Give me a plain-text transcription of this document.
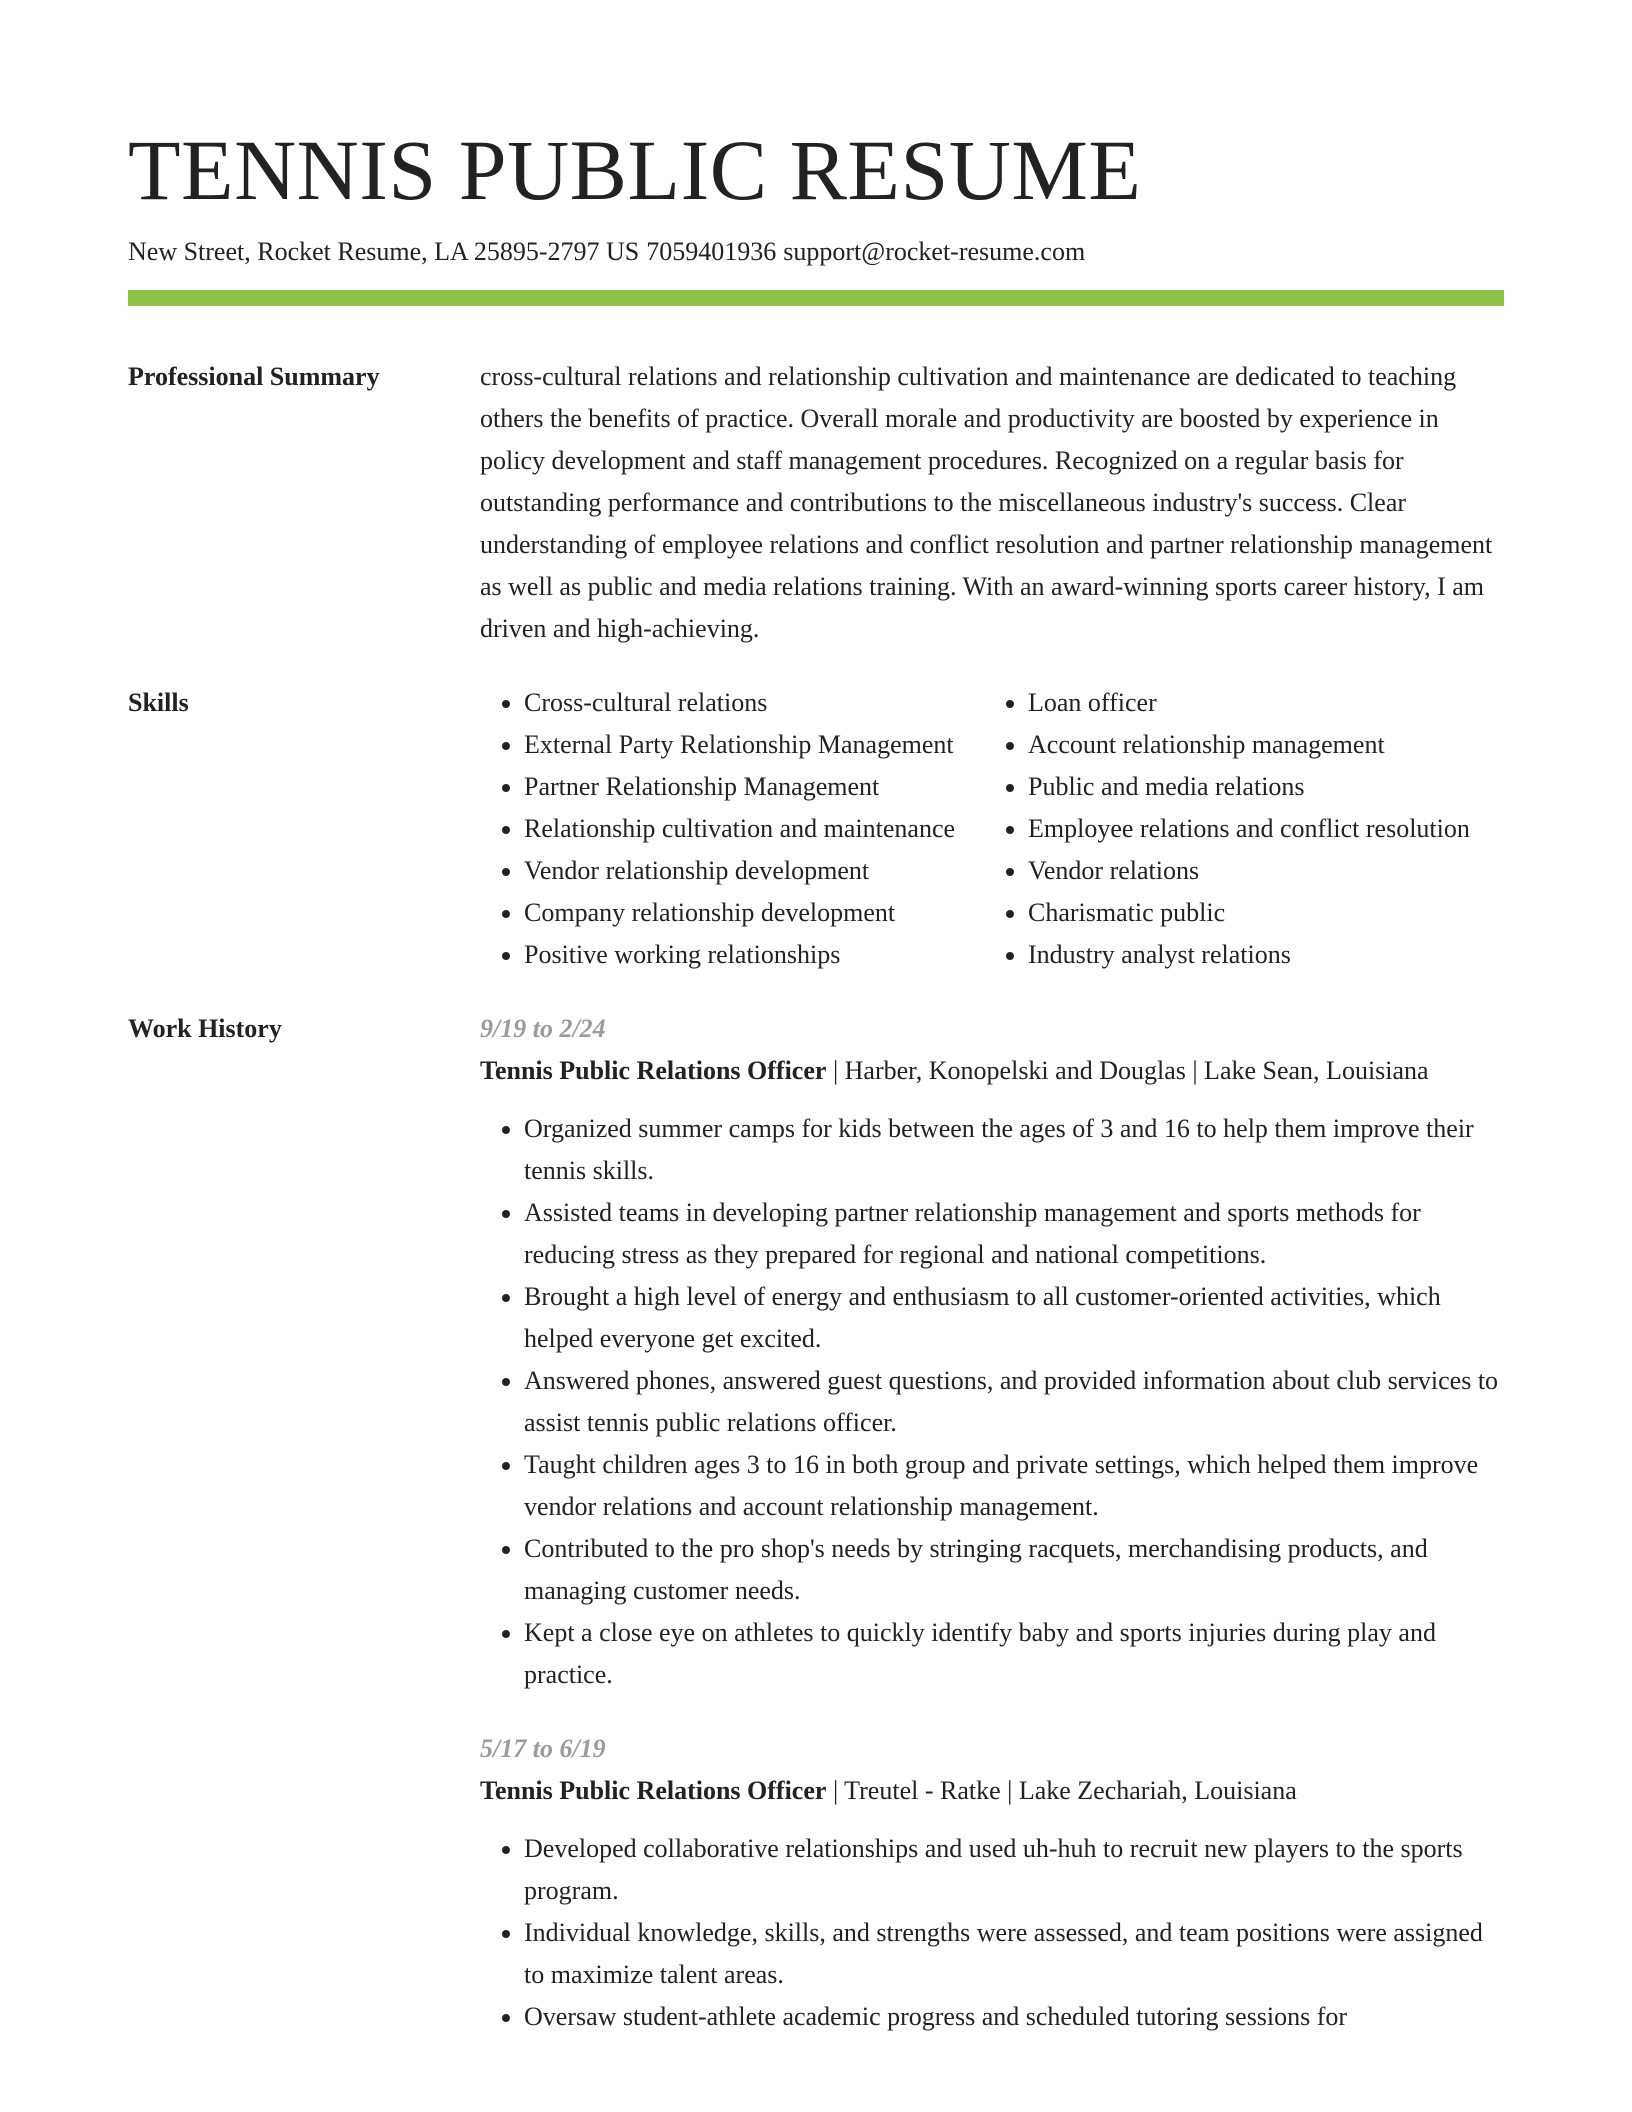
TENNIS PUBLIC RESUME
New Street, Rocket Resume, LA 25895-2797 US 7059401936 support@rocket-resume.com
Professional Summary	cross-cultural relations and relationship cultivation and maintenance are dedicated to teaching others the benefits of practice. Overall morale and productivity are boosted by experience in policy development and staff management procedures. Recognized on a regular basis for outstanding performance and contributions to the miscellaneous industry's success. Clear understanding of employee relations and conflict resolution and partner relationship management as well as public and media relations training. With an award-winning sports career history, I am driven and high-achieving.

Skills
•	Cross-cultural relations
• External Party Relationship Management
• Partner Relationship Management
• Relationship cultivation and maintenance
• Vendor relationship development
• Company relationship development
• Positive working relationships
• Loan officer
• Account relationship management
• Public and media relations
• Employee relations and conflict resolution
• Vendor relations
• Charismatic public
• Industry analyst relations
Work History	9/19 to 2/24
Tennis Public Relations Officer | Harber, Konopelski and Douglas | Lake Sean, Louisiana
• Organized summer camps for kids between the ages of 3 and 16 to help them improve their tennis skills.
• Assisted teams in developing partner relationship management and sports methods for reducing stress as they prepared for regional and national competitions.
• Brought a high level of energy and enthusiasm to all customer-oriented activities, which helped everyone get excited.
• Answered phones, answered guest questions, and provided information about club services to assist tennis public relations officer.
• Taught children ages 3 to 16 in both group and private settings, which helped them improve vendor relations and account relationship management.
• Contributed to the pro shop's needs by stringing racquets, merchandising products, and managing customer needs.
• Kept a close eye on athletes to quickly identify baby and sports injuries during play and practice.
5/17 to 6/19
Tennis Public Relations Officer | Treutel - Ratke | Lake Zechariah, Louisiana
• Developed collaborative relationships and used uh-huh to recruit new players to the sports program.
• Individual knowledge, skills, and strengths were assessed, and team positions were assigned to maximize talent areas.
• Oversaw student-athlete academic progress and scheduled tutoring sessions for
